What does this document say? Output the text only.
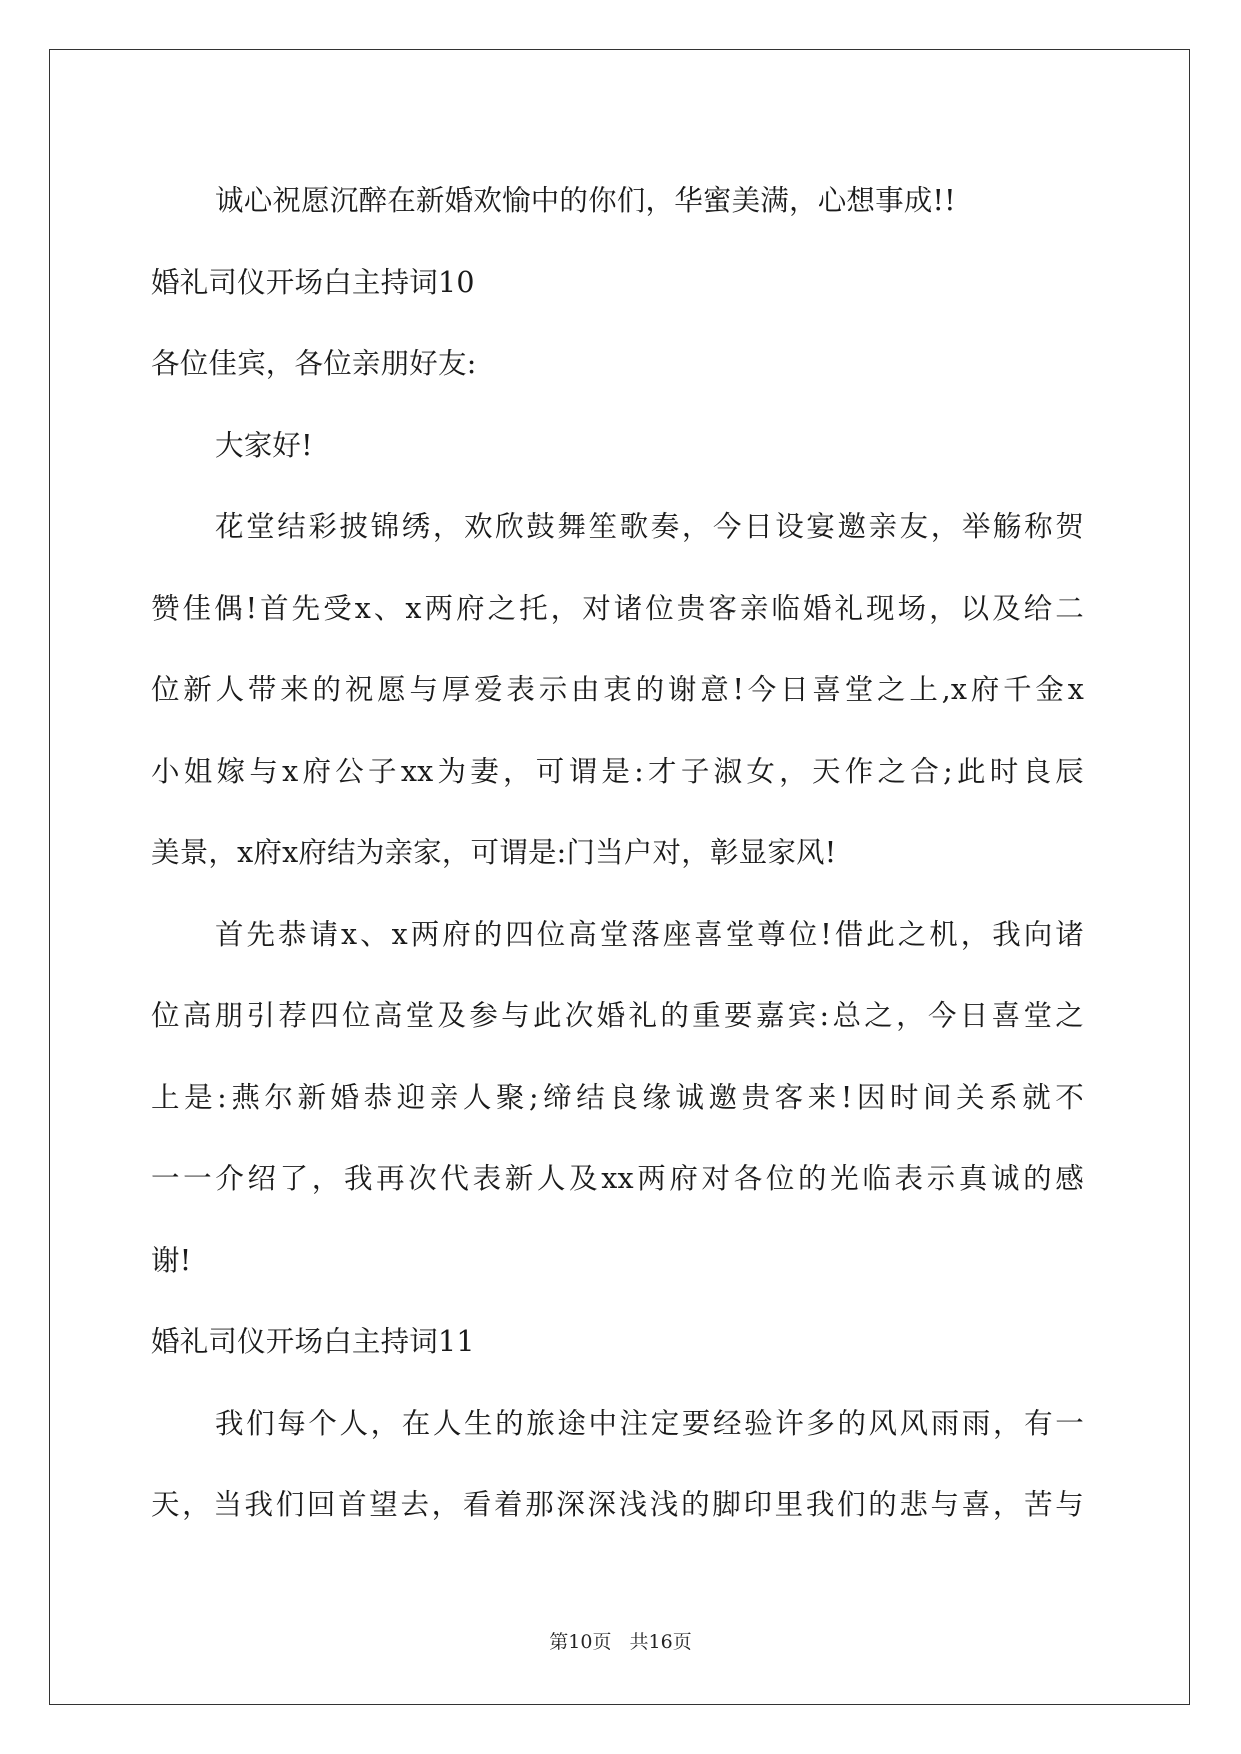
诚心祝愿沉醉在新婚欢愉中的你们，华蜜美满，心想事成!!
婚礼司仪开场白主持词10
各位佳宾，各位亲朋好友:
大家好!
花堂结彩披锦绣，欢欣鼓舞笙歌奏，今日设宴邀亲友，举觞称贺
赞佳偶!首先受x、x两府之托，对诸位贵客亲临婚礼现场，以及给二
位新人带来的祝愿与厚爱表示由衷的谢意!今日喜堂之上,x府千金x
小姐嫁与x府公子xx为妻，可谓是:才子淑女，天作之合;此时良辰
美景，x府x府结为亲家，可谓是:门当户对，彰显家风!
首先恭请x、x两府的四位高堂落座喜堂尊位!借此之机，我向诸
位高朋引荐四位高堂及参与此次婚礼的重要嘉宾:总之，今日喜堂之
上是:燕尔新婚恭迎亲人聚;缔结良缘诚邀贵客来!因时间关系就不
一一介绍了，我再次代表新人及xx两府对各位的光临表示真诚的感
谢!
婚礼司仪开场白主持词11
我们每个人，在人生的旅途中注定要经验许多的风风雨雨，有一
天，当我们回首望去，看着那深深浅浅的脚印里我们的悲与喜，苦与
第10页 共16页
